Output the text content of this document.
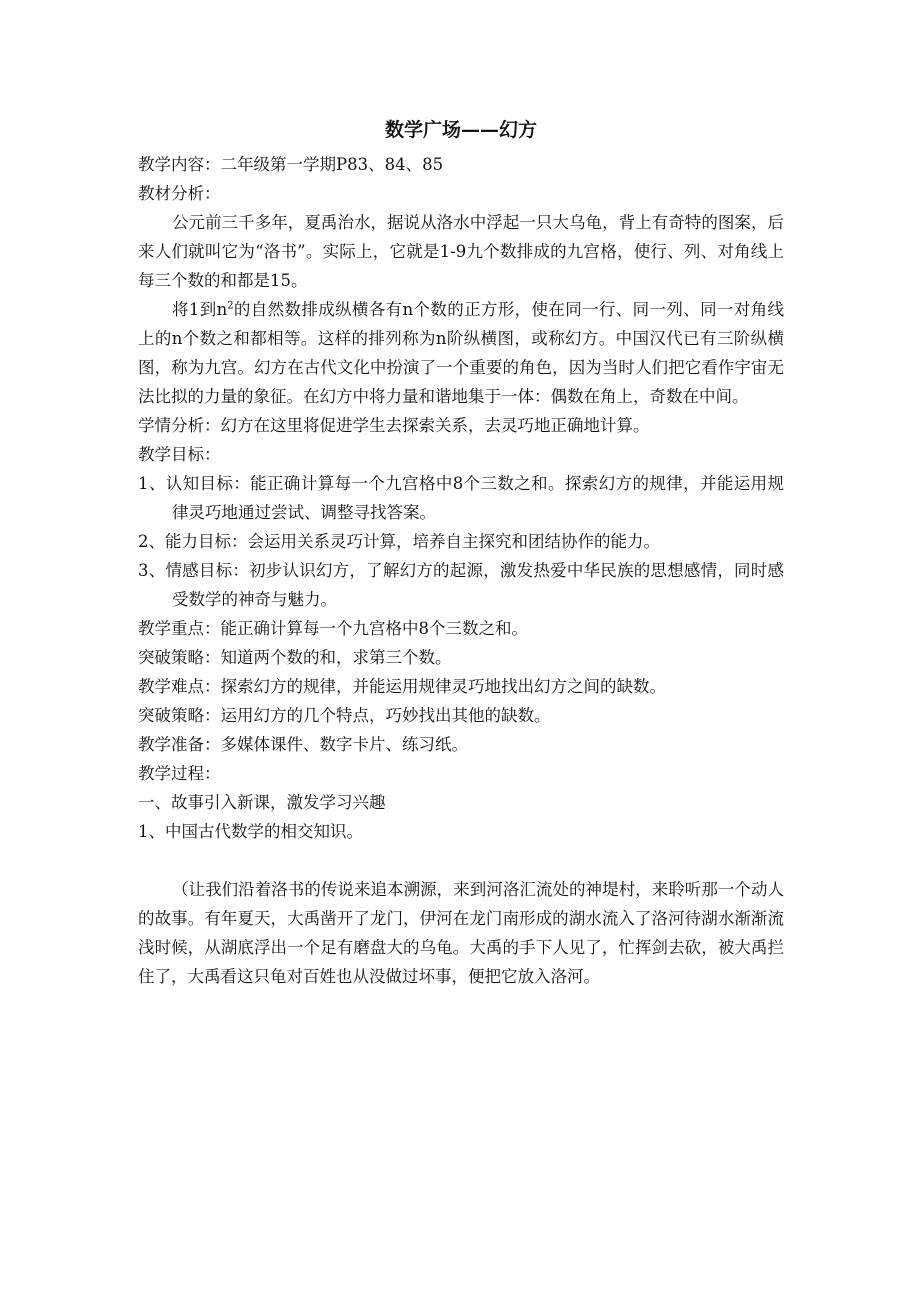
数学广场——幻方

教学内容：二年级第一学期P83、84、85

教材分析：

公元前三千多年，夏禹治水，据说从洛水中浮起一只大乌龟，背上有奇特的图案，后来人们就叫它为“洛书”。实际上，它就是1-9九个数排成的九宫格，使行、列、对角线上每三个数的和都是15。

将1到$n^2$的自然数排成纵横各有n个数的正方形，使在同一行、同一列、同一对角线上的n个数之和都相等。这样的排列称为n阶纵横图，或称幻方。中国汉代已有三阶纵横图，称为九宫。幻方在古代文化中扮演了一个重要的角色，因为当时人们把它看作宇宙无法比拟的力量的象征。在幻方中将力量和谐地集于一体：偶数在角上，奇数在中间。

学情分析：幻方在这里将促进学生去探索关系，去灵巧地正确地计算。

教学目标：

1、认知目标：能正确计算每一个九宫格中8个三数之和。探索幻方的规律，并能运用规律灵巧地通过尝试、调整寻找答案。

2、能力目标：会运用关系灵巧计算，培养自主探究和团结协作的能力。

3、情感目标：初步认识幻方，了解幻方的起源，激发热爱中华民族的思想感情，同时感受数学的神奇与魅力。

教学重点：能正确计算每一个九宫格中8个三数之和。

突破策略：知道两个数的和，求第三个数。

教学难点：探索幻方的规律，并能运用规律灵巧地找出幻方之间的缺数。

突破策略：运用幻方的几个特点，巧妙找出其他的缺数。

教学准备：多媒体课件、数字卡片、练习纸。

教学过程：

一、故事引入新课，激发学习兴趣

1、中国古代数学的相交知识。

（让我们沿着洛书的传说来追本溯源，来到河洛汇流处的神堤村，来聆听那一个动人的故事。有年夏天，大禹凿开了龙门，伊河在龙门南形成的湖水流入了洛河待湖水渐渐流浅时候，从湖底浮出一个足有磨盘大的乌龟。大禹的手下人见了，忙挥剑去砍，被大禹拦住了，大禹看这只龟对百姓也从没做过坏事，便把它放入洛河。
